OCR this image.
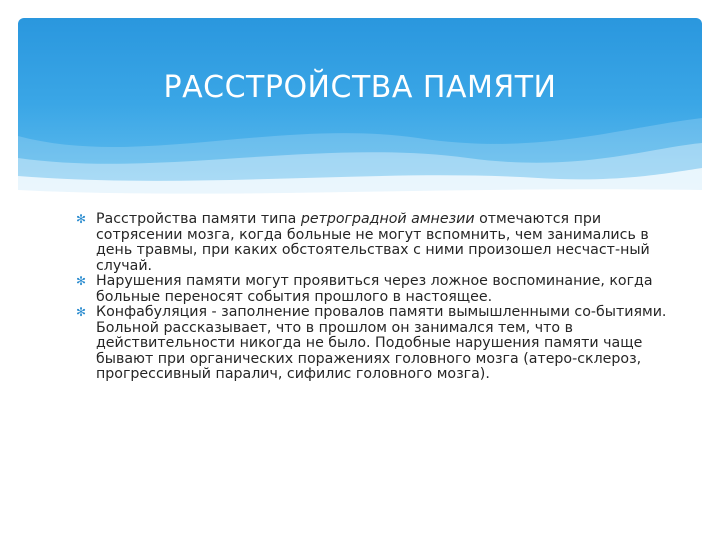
РАССТРОЙСТВА ПАМЯТИ

✻ Расстройства памяти типа ретроградной амнезии отмечаются при сотрясении мозга, когда больные не могут вспомнить, чем занимались в день травмы, при каких обстоятельствах с ними произошел несчаст-ный случай.

✻ Нарушения памяти могут проявиться через ложное воспоминание, когда больные переносят события прошлого в настоящее.

✻ Конфабуляция - заполнение провалов памяти вымышленными со-бытиями. Больной рассказывает, что в прошлом он занимался тем, что в действительности никогда не было. Подобные нарушения памяти чаще бывают при органических поражениях головного мозга (атеро-склероз, прогрессивный паралич, сифилис головного мозга).
